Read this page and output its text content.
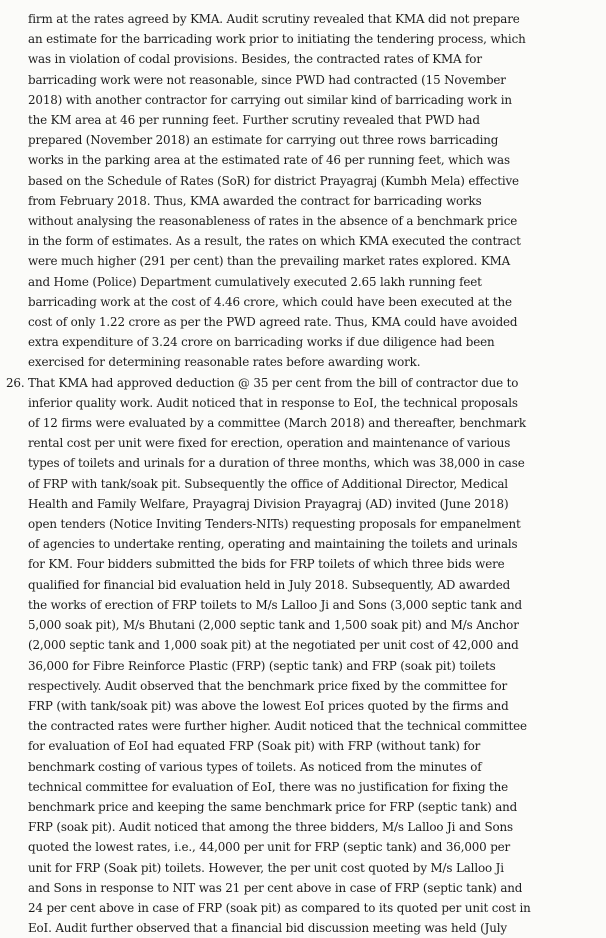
firm at the rates agreed by KMA. Audit scrutiny revealed that KMA did not prepare
an estimate for the barricading work prior to initiating the tendering process, which
was in violation of codal provisions. Besides, the contracted rates of KMA for
barricading work were not reasonable, since PWD had contracted (15 November
2018) with another contractor for carrying out similar kind of barricading work in
the KM area at 46 per running feet. Further scrutiny revealed that PWD had
prepared (November 2018) an estimate for carrying out three rows barricading
works in the parking area at the estimated rate of 46 per running feet, which was
based on the Schedule of Rates (SoR) for district Prayagraj (Kumbh Mela) effective
from February 2018. Thus, KMA awarded the contract for barricading works
without analysing the reasonableness of rates in the absence of a benchmark price
in the form of estimates. As a result, the rates on which KMA executed the contract
were much higher (291 per cent) than the prevailing market rates explored. KMA
and Home (Police) Department cumulatively executed 2.65 lakh running feet
barricading work at the cost of 4.46 crore, which could have been executed at the
cost of only 1.22 crore as per the PWD agreed rate. Thus, KMA could have avoided
extra expenditure of 3.24 crore on barricading works if due diligence had been
exercised for determining reasonable rates before awarding work.
26. That KMA had approved deduction @ 35 per cent from the bill of contractor due to
inferior quality work. Audit noticed that in response to EoI, the technical proposals
of 12 firms were evaluated by a committee (March 2018) and thereafter, benchmark
rental cost per unit were fixed for erection, operation and maintenance of various
types of toilets and urinals for a duration of three months, which was 38,000 in case
of FRP with tank/soak pit. Subsequently the office of Additional Director, Medical
Health and Family Welfare, Prayagraj Division Prayagraj (AD) invited (June 2018)
open tenders (Notice Inviting Tenders-NITs) requesting proposals for empanelment
of agencies to undertake renting, operating and maintaining the toilets and urinals
for KM. Four bidders submitted the bids for FRP toilets of which three bids were
qualified for financial bid evaluation held in July 2018. Subsequently, AD awarded
the works of erection of FRP toilets to M/s Lalloo Ji and Sons (3,000 septic tank and
5,000 soak pit), M/s Bhutani (2,000 septic tank and 1,500 soak pit) and M/s Anchor
(2,000 septic tank and 1,000 soak pit) at the negotiated per unit cost of 42,000 and
36,000 for Fibre Reinforce Plastic (FRP) (septic tank) and FRP (soak pit) toilets
respectively. Audit observed that the benchmark price fixed by the committee for
FRP (with tank/soak pit) was above the lowest EoI prices quoted by the firms and
the contracted rates were further higher. Audit noticed that the technical committee
for evaluation of EoI had equated FRP (Soak pit) with FRP (without tank) for
benchmark costing of various types of toilets. As noticed from the minutes of
technical committee for evaluation of EoI, there was no justification for fixing the
benchmark price and keeping the same benchmark price for FRP (septic tank) and
FRP (soak pit). Audit noticed that among the three bidders, M/s Lalloo Ji and Sons
quoted the lowest rates, i.e., 44,000 per unit for FRP (septic tank) and 36,000 per
unit for FRP (Soak pit) toilets. However, the per unit cost quoted by M/s Lalloo Ji
and Sons in response to NIT was 21 per cent above in case of FRP (septic tank) and
24 per cent above in case of FRP (soak pit) as compared to its quoted per unit cost in
EoI. Audit further observed that a financial bid discussion meeting was held (July
